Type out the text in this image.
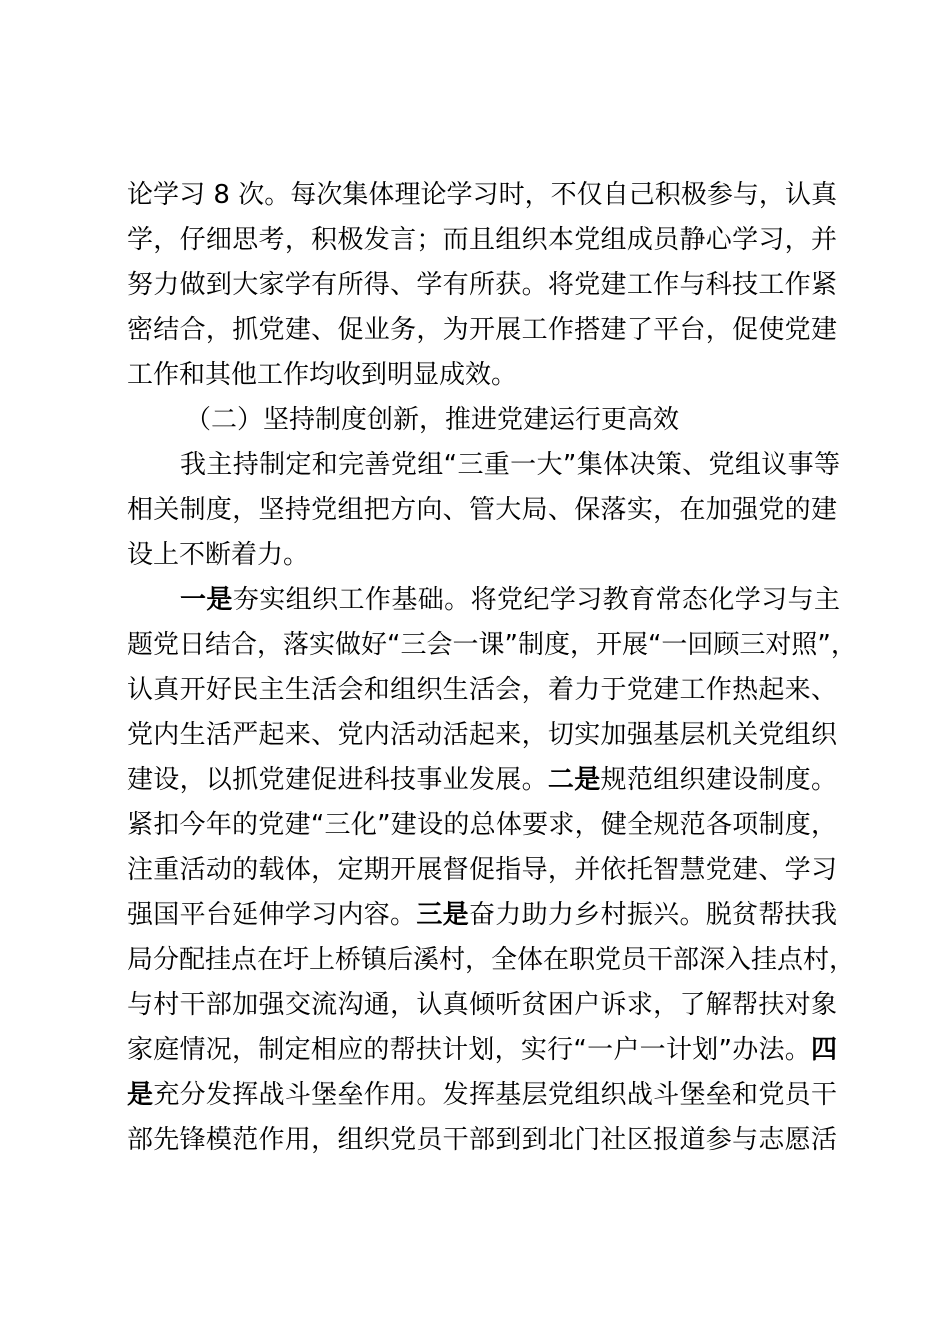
论学习 8 次。每次集体理论学习时，不仅自己积极参与，认真
学，仔细思考，积极发言；而且组织本党组成员静心学习，并
努力做到大家学有所得、学有所获。将党建工作与科技工作紧
密结合，抓党建、促业务，为开展工作搭建了平台，促使党建
工作和其他工作均收到明显成效。
（二）坚持制度创新，推进党建运行更高效
我主持制定和完善党组“三重一大”集体决策、党组议事等
相关制度，坚持党组把方向、管大局、保落实，在加强党的建
设上不断着力。
一是夯实组织工作基础。将党纪学习教育常态化学习与主
题党日结合，落实做好“三会一课”制度，开展“一回顾三对照”，
认真开好民主生活会和组织生活会，着力于党建工作热起来、
党内生活严起来、党内活动活起来，切实加强基层机关党组织
建设，以抓党建促进科技事业发展。二是规范组织建设制度。
紧扣今年的党建“三化”建设的总体要求，健全规范各项制度，
注重活动的载体，定期开展督促指导，并依托智慧党建、学习
强国平台延伸学习内容。三是奋力助力乡村振兴。脱贫帮扶我
局分配挂点在圩上桥镇后溪村，全体在职党员干部深入挂点村，
与村干部加强交流沟通，认真倾听贫困户诉求，了解帮扶对象
家庭情况，制定相应的帮扶计划，实行“一户一计划”办法。四
是充分发挥战斗堡垒作用。发挥基层党组织战斗堡垒和党员干
部先锋模范作用，组织党员干部到到北门社区报道参与志愿活
